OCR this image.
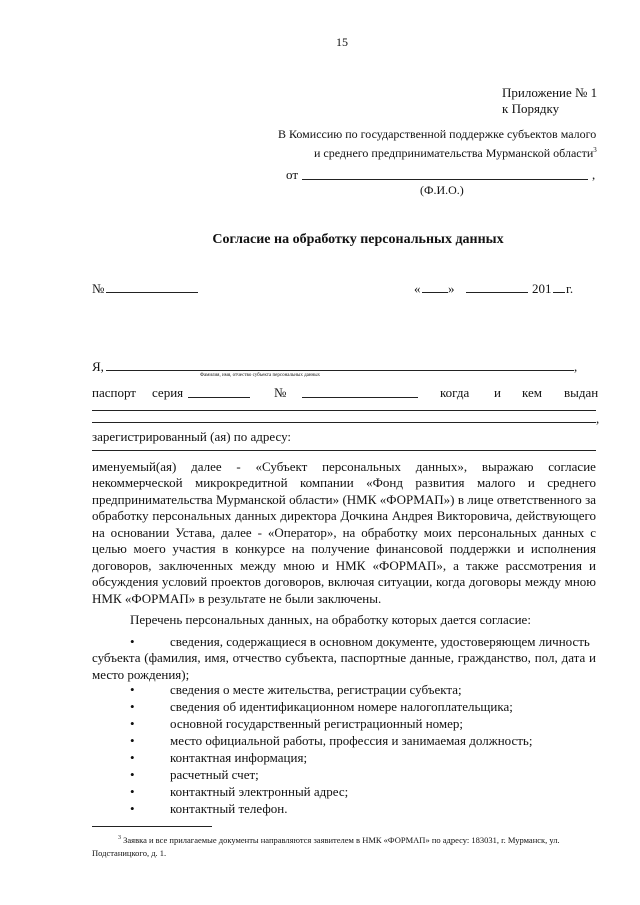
15
Приложение № 1
к Порядку
В Комиссию по государственной поддержке субъектов малого
и среднего предпринимательства Мурманской области$^3$
от	,
(Ф.И.О.)
Согласие на обработку персональных данных
№	« »	201 г.
Я,	,
Фамилия, имя, отчество субъекта персональных данных
паспорт серия	№	когда и кем выдан
,
зарегистрированный (ая) по адресу:
именуемый(ая) далее - «Субъект персональных данных», выражаю согласие
некоммерческой микрокредитной компании «Фонд развития малого и среднего предпринимательства Мурманской области» (НМК «ФОРМАП») в лице ответственного за обработку персональных данных директора Дочкина Андрея Викторовича, действующего на основании Устава, далее - «Оператор», на обработку моих персональных данных с целью моего участия в конкурсе на получение финансовой поддержки и исполнения договоров, заключенных между мною и НМК «ФОРМАП», а также рассмотрения и обсуждения условий проектов договоров, включая ситуации, когда договоры между мною НМК «ФОРМАП» в результате не были заключены.
Перечень персональных данных, на обработку которых дается согласие:
•	сведения, содержащиеся в основном документе, удостоверяющем личность
субъекта (фамилия, имя, отчество субъекта, паспортные данные, гражданство, пол, дата и место рождения);
•	сведения о месте жительства, регистрации субъекта;
•	сведения об идентификационном номере налогоплательщика;
•	основной государственный регистрационный номер;
•	место официальной работы, профессия и занимаемая должность;
•	контактная информация;
•	расчетный счет;
•	контактный электронный адрес;
•	контактный телефон.
$^3$ Заявка и все прилагаемые документы направляются заявителем в НМК «ФОРМАП» по адресу: 183031, г. Мурманск, ул. Подстаницкого, д. 1.
